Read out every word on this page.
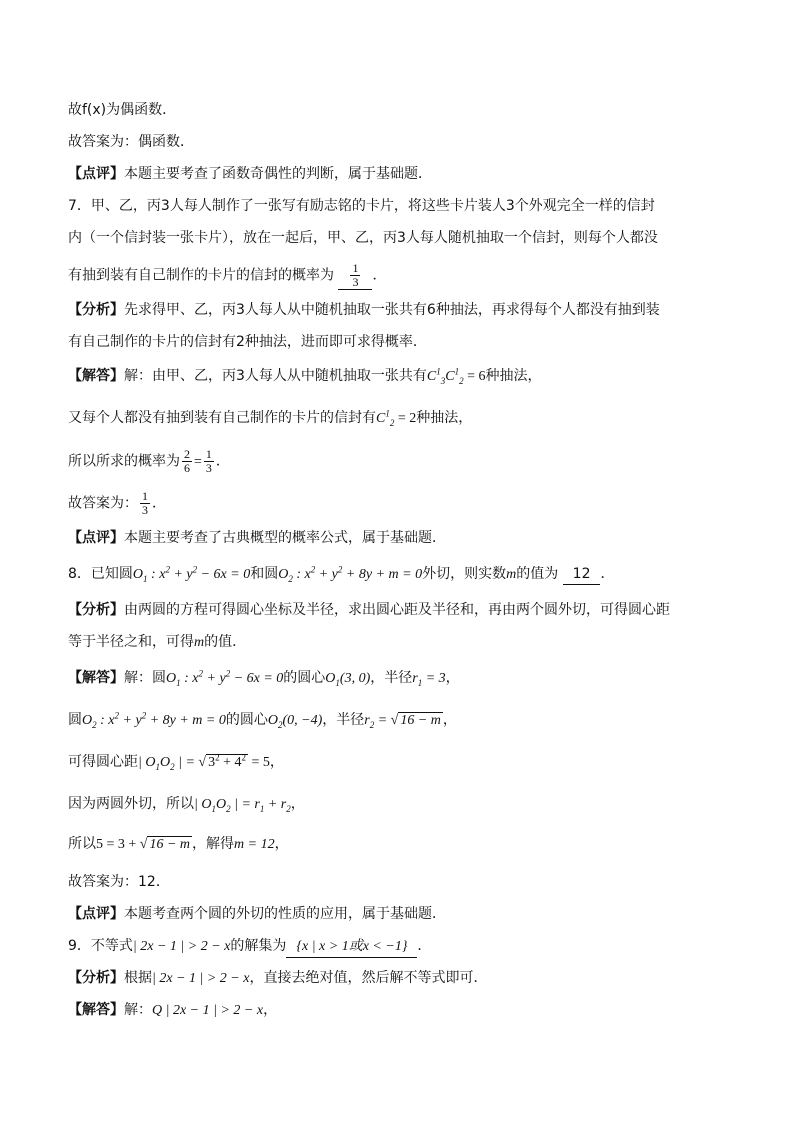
故f(x)为偶函数．
故答案为：偶函数．
【点评】本题主要考查了函数奇偶性的判断，属于基础题．
7．甲、乙，丙3人每人制作了一张写有励志铭的卡片，将这些卡片装人3个外观完全一样的信封
内（一个信封装一张卡片），放在一起后，甲、乙，丙3人每人随机抽取一个信封，则每个人都没
有抽到装有自己制作的卡片的信封的概率为 $\frac{1}{3}$ ．
【分析】先求得甲、乙，丙3人每人从中随机抽取一张共有6种抽法，再求得每个人都没有抽到装
有自己制作的卡片的信封有2种抽法，进而即可求得概率．
【解答】解：由甲、乙，丙3人每人从中随机抽取一张共有$C^1_3C^1_2 = 6$种抽法，
又每个人都没有抽到装有自己制作的卡片的信封有$C^1_2 = 2$种抽法，
所以所求的概率为 $\frac{2}{6} = \frac{1}{3}$ ．
故答案为： $\frac{1}{3}$ ．
【点评】本题主要考查了古典概型的概率公式，属于基础题．
8．已知圆$O_1$ : $x^2 + y^2 - 6x = 0$和圆$O_2$ : $x^2 + y^2 + 8y + m = 0$外切，则实数m的值为 12 ．
【分析】由两圆的方程可得圆心坐标及半径，求出圆心距及半径和，再由两个圆外切，可得圆心距
等于半径之和，可得m的值．
【解答】解：圆$O_1$ : $x^2 + y^2 - 6x = 0$的圆心$O_1(3$, 0)，半径$r_1 = 3$，
圆$O_2$ : $x^2 + y^2 + 8y + m = 0$的圆心$O_2(0$, −4)，半径$r_2$ = √ 16 − m ，
可得圆心距| $O_1O_2$ | = √ $3^2 + 4^2 = 5$，
因为两圆外切，所以| $O_1O_2$ | = $r_1 + r_2$，
所以5 = 3 + √ 16 − m ，解得m = 12，
故答案为：12．
【点评】本题考查两个圆的外切的性质的应用，属于基础题．
9．不等式| 2x − 1 | > 2 − x的解集为 {x | x > 1或x < −1} ．
【分析】根据| 2x − 1 | > 2 − x，直接去绝对值，然后解不等式即可．
【解答】解：Q | 2x − 1 | > 2 − x，
